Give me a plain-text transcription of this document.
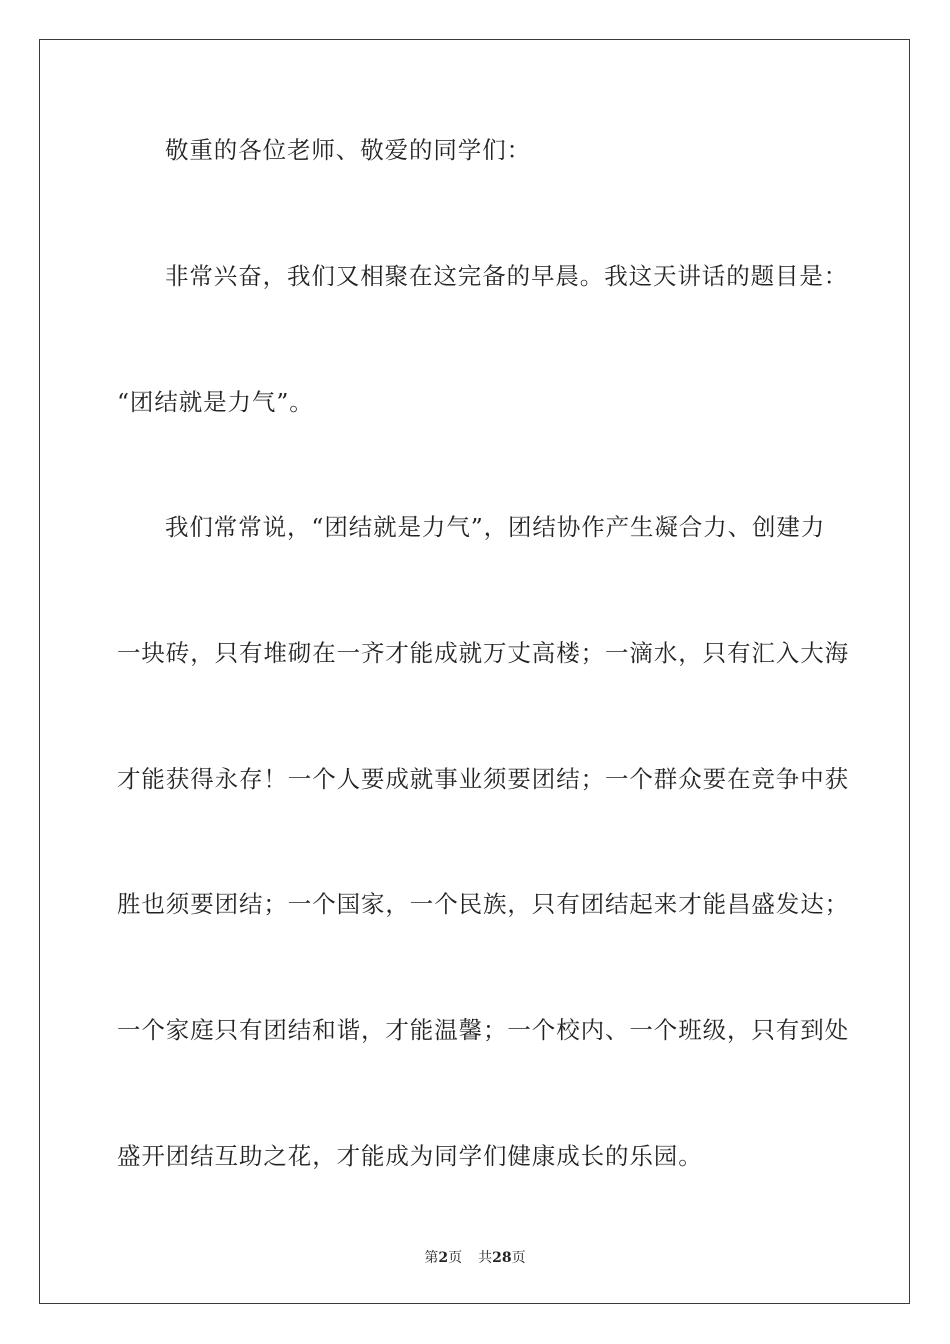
敬重的各位老师、敬爱的同学们：
非常兴奋，我们又相聚在这完备的早晨。我这天讲话的题目是：
“团结就是力气”。
我们常常说，“团结就是力气”，团结协作产生凝合力、创建力
一块砖，只有堆砌在一齐才能成就万丈高楼；一滴水，只有汇入大海
才能获得永存！一个人要成就事业须要团结；一个群众要在竞争中获
胜也须要团结；一个国家，一个民族，只有团结起来才能昌盛发达；
一个家庭只有团结和谐，才能温馨；一个校内、一个班级，只有到处
盛开团结互助之花，才能成为同学们健康成长的乐园。
第2页 共28页
